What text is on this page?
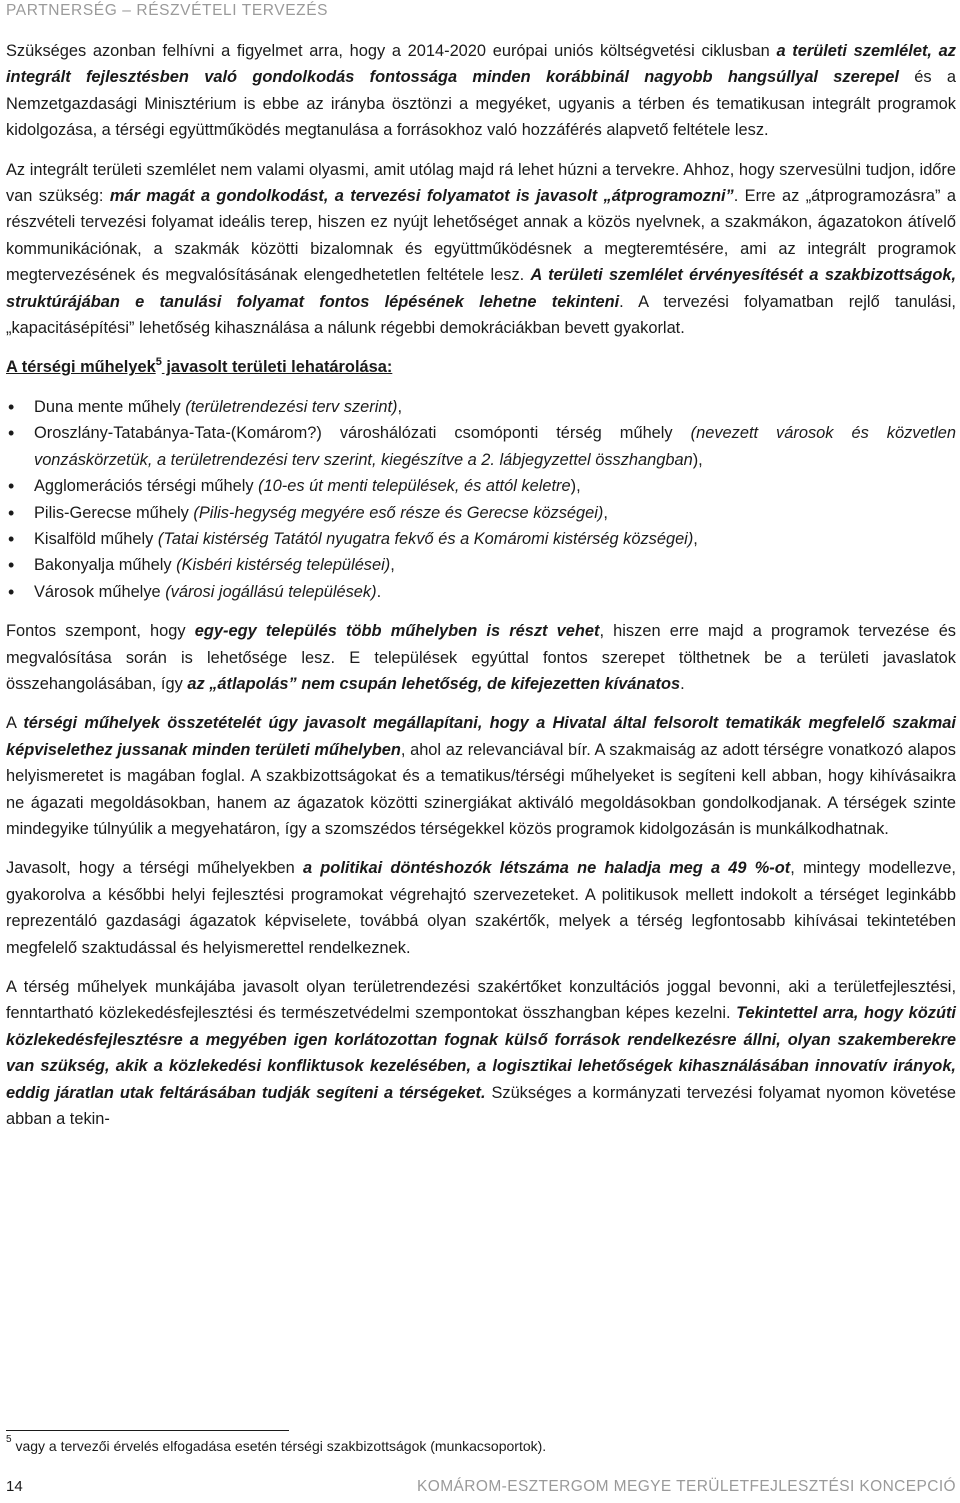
PARTNERSÉG – RÉSZVÉTELI TERVEZÉS

Szükséges azonban felhívni a figyelmet arra, hogy a 2014-2020 európai uniós költségvetési ciklusban a területi szemlélet, az integrált fejlesztésben való gondolkodás fontossága minden korábbinál nagyobb hangsúllyal szerepel és a Nemzetgazdasági Minisztérium is ebbe az irányba ösztönzi a megyéket, ugyanis a térben és tematikusan integrált programok kidolgozása, a térségi együttműködés megtanulása a forrásokhoz való hozzáférés alapvető feltétele lesz.

Az integrált területi szemlélet nem valami olyasmi, amit utólag majd rá lehet húzni a tervekre. Ahhoz, hogy szervesülni tudjon, időre van szükség: már magát a gondolkodást, a tervezési folyamatot is javasolt „átprogramozni”. Erre az „átprogramozásra” a részvételi tervezési folyamat ideális terep, hiszen ez nyújt lehetőséget annak a közös nyelvnek, a szakmákon, ágazatokon átívelő kommunikációnak, a szakmák közötti bizalomnak és együttműködésnek a megteremtésére, ami az integrált programok megtervezésének és megvalósításának elengedhetetlen feltétele lesz. A területi szemlélet érvényesítését a szakbizottságok, struktúrájában e tanulási folyamat fontos lépésének lehetne tekinteni. A tervezési folyamatban rejlő tanulási, „kapacitásépítési” lehetőség kihasználása a nálunk régebbi demokráciákban bevett gyakorlat.

A térségi műhelyek$^5$ javasolt területi lehatárolása:

• Duna mente műhely (területrendezési terv szerint),
• Oroszlány-Tatabánya-Tata-(Komárom?) városhálózati csomóponti térség műhely (nevezett városok és közvetlen vonzáskörzetük, a területrendezési terv szerint, kiegészítve a 2. lábjegyzettel összhangban),
• Agglomerációs térségi műhely (10-es út menti települések, és attól keletre),
• Pilis-Gerecse műhely (Pilis-hegység megyére eső része és Gerecse községei),
• Kisalföld műhely (Tatai kistérség Tatától nyugatra fekvő és a Komáromi kistérség községei),
• Bakonyalja műhely (Kisbéri kistérség települései),
• Városok műhelye (városi jogállású települések).

Fontos szempont, hogy egy-egy település több műhelyben is részt vehet, hiszen erre majd a programok tervezése és megvalósítása során is lehetősége lesz. E települések egyúttal fontos szerepet tölthetnek be a területi javaslatok összehangolásában, így az „átlapolás” nem csupán lehetőség, de kifejezetten kívánatos.

A térségi műhelyek összetételét úgy javasolt megállapítani, hogy a Hivatal által felsorolt tematikák megfelelő szakmai képviselethez jussanak minden területi műhelyben, ahol az relevanciával bír. A szakmaiság az adott térségre vonatkozó alapos helyismeretet is magában foglal. A szakbizottságokat és a tematikus/térségi műhelyeket is segíteni kell abban, hogy kihívásaikra ne ágazati megoldásokban, hanem az ágazatok közötti szinergiákat aktiváló megoldásokban gondolkodjanak. A térségek szinte mindegyike túlnyúlik a megyehatáron, így a szomszédos térségekkel közös programok kidolgozásán is munkálkodhatnak.

Javasolt, hogy a térségi műhelyekben a politikai döntéshozók létszáma ne haladja meg a 49 %-ot, mintegy modellezve, gyakorolva a későbbi helyi fejlesztési programokat végrehajtó szervezeteket. A politikusok mellett indokolt a térséget leginkább reprezentáló gazdasági ágazatok képviselete, továbbá olyan szakértők, melyek a térség legfontosabb kihívásai tekintetében megfelelő szaktudással és helyismerettel rendelkeznek.

A térség műhelyek munkájába javasolt olyan területrendezési szakértőket konzultációs joggal bevonni, aki a területfejlesztési, fenntartható közlekedésfejlesztési és természetvédelmi szempontokat összhangban képes kezelni. Tekintettel arra, hogy közúti közlekedésfejlesztésre a megyében igen korlátozottan fognak külső források rendelkezésre állni, olyan szakemberekre van szükség, akik a közlekedési konfliktusok kezelésében, a logisztikai lehetőségek kihasználásában innovatív irányok, eddig járatlan utak feltárásában tudják segíteni a térségeket. Szükséges a kormányzati tervezési folyamat nyomon követése abban a tekin-

$^5$ vagy a tervezői érvelés elfogadása esetén térségi szakbizottságok (munkacsoportok).
14	KOMÁROM-ESZTERGOM MEGYE TERÜLETFEJLESZTÉSI KONCEPCIÓ
